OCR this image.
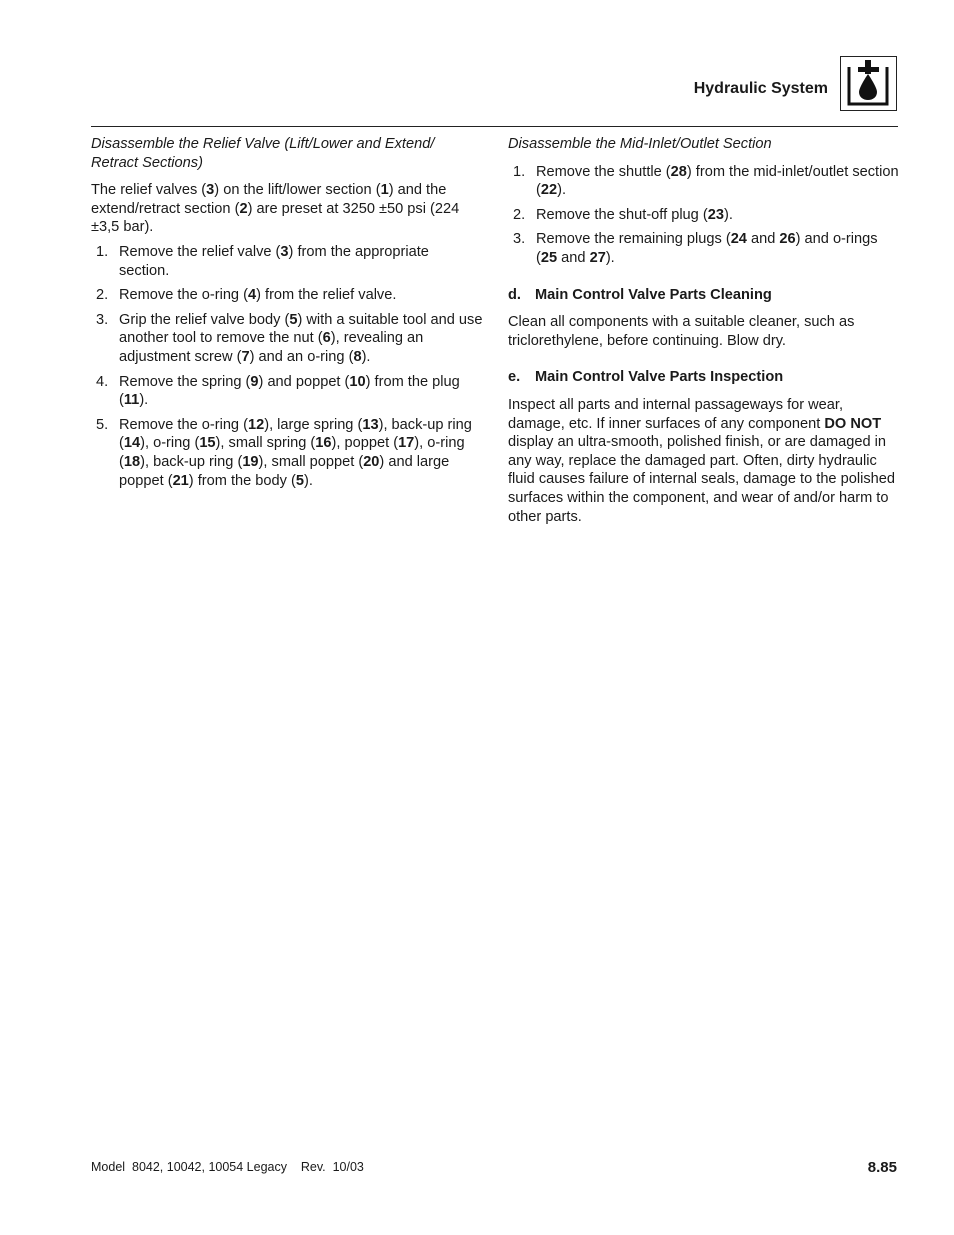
Hydraulic System
Disassemble the Relief Valve (Lift/Lower and Extend/ Retract Sections)
The relief valves (3) on the lift/lower section (1) and the extend/retract section (2) are preset at 3250 ±50 psi (224 ±3,5 bar).
1. Remove the relief valve (3) from the appropriate section.
2. Remove the o-ring (4) from the relief valve.
3. Grip the relief valve body (5) with a suitable tool and use another tool to remove the nut (6), revealing an adjustment screw (7) and an o-ring (8).
4. Remove the spring (9) and poppet (10) from the plug (11).
5. Remove the o-ring (12), large spring (13), back-up ring (14), o-ring (15), small spring (16), poppet (17), o-ring (18), back-up ring (19), small poppet (20) and large poppet (21) from the body (5).
Disassemble the Mid-Inlet/Outlet Section
1. Remove the shuttle (28) from the mid-inlet/outlet section (22).
2. Remove the shut-off plug (23).
3. Remove the remaining plugs (24 and 26) and o-rings (25 and 27).
d. Main Control Valve Parts Cleaning
Clean all components with a suitable cleaner, such as triclorethylene, before continuing. Blow dry.
e. Main Control Valve Parts Inspection
Inspect all parts and internal passageways for wear, damage, etc. If inner surfaces of any component DO NOT display an ultra-smooth, polished finish, or are damaged in any way, replace the damaged part. Often, dirty hydraulic fluid causes failure of internal seals, damage to the polished surfaces within the component, and wear of and/or harm to other parts.
Model  8042, 10042, 10054 Legacy    Rev.  10/03	8.85
